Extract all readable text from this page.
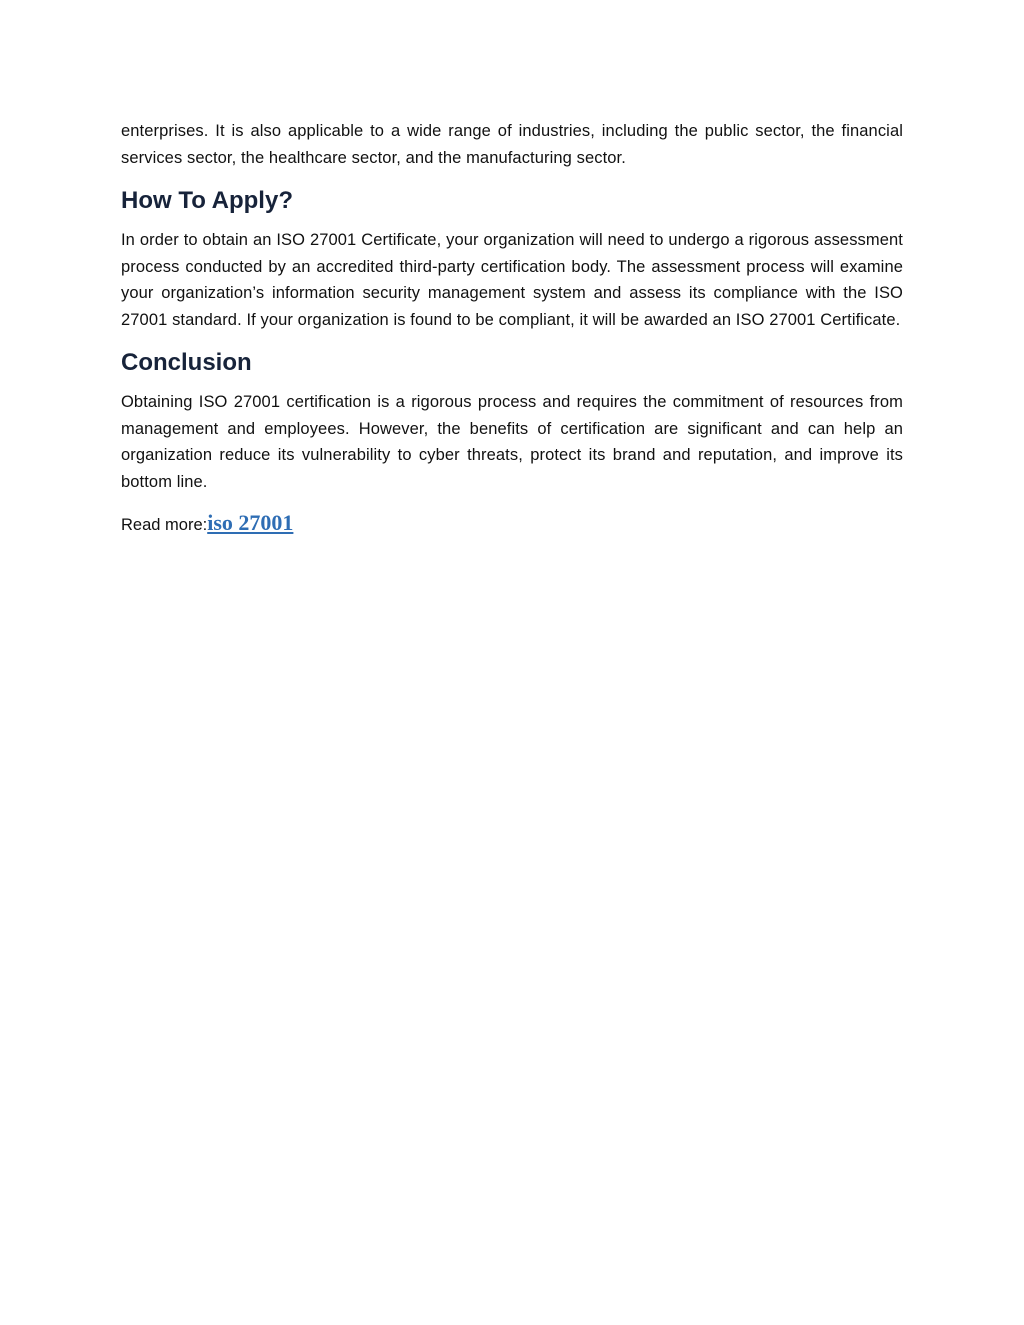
enterprises. It is also applicable to a wide range of industries, including the public sector, the financial services sector, the healthcare sector, and the manufacturing sector.

How To Apply?

In order to obtain an ISO 27001 Certificate, your organization will need to undergo a rigorous assessment process conducted by an accredited third-party certification body. The assessment process will examine your organization’s information security management system and assess its compliance with the ISO 27001 standard. If your organization is found to be compliant, it will be awarded an ISO 27001 Certificate.

Conclusion

Obtaining ISO 27001 certification is a rigorous process and requires the commitment of resources from management and employees. However, the benefits of certification are significant and can help an organization reduce its vulnerability to cyber threats, protect its brand and reputation, and improve its bottom line.

Read more:iso 27001
